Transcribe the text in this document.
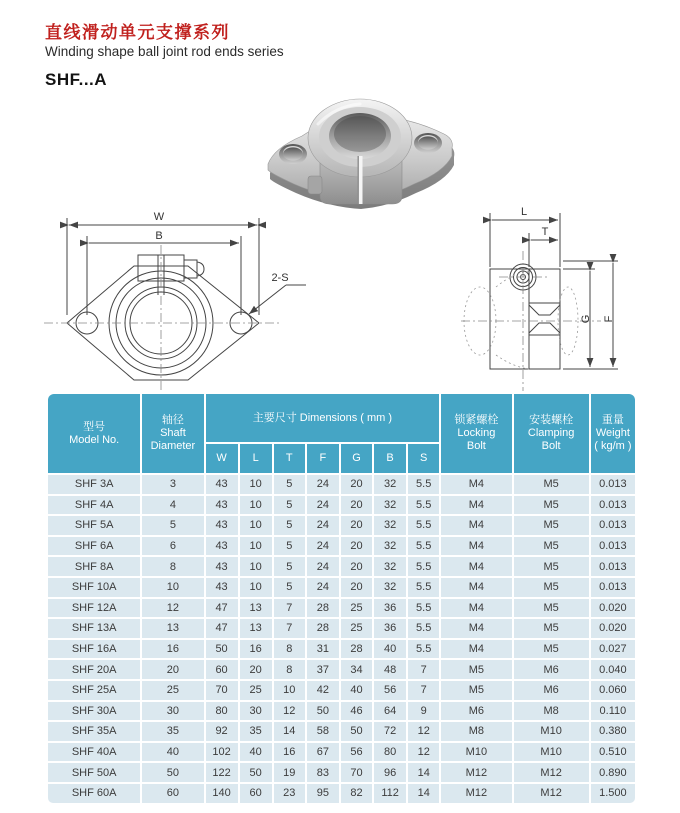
直线滑动单元支撑系列

Winding shape ball joint rod ends series

SHF...A

W
B
2-S
L
T
G F
型号
Model No.

轴径
Shaft
Diameter
	主要尺寸 Dimensions ( mm )	锁紧螺栓
Locking
Bolt

安装螺栓
Clamping
Bolt

重量
Weight
( kg/m )

		W	L	T	F	G	B	S			
SHF 3A	3	43	10	5	24	20	32	5.5	M4	M5	0.013
SHF 4A	4	43	10	5	24	20	32	5.5	M4	M5	0.013
SHF 5A	5	43	10	5	24	20	32	5.5	M4	M5	0.013
SHF 6A	6	43	10	5	24	20	32	5.5	M4	M5	0.013
SHF 8A	8	43	10	5	24	20	32	5.5	M4	M5	0.013
SHF 10A	10	43	10	5	24	20	32	5.5	M4	M5	0.013
SHF 12A	12	47	13	7	28	25	36	5.5	M4	M5	0.020
SHF 13A	13	47	13	7	28	25	36	5.5	M4	M5	0.020
SHF 16A	16	50	16	8	31	28	40	5.5	M4	M5	0.027
SHF 20A	20	60	20	8	37	34	48	7	M5	M6	0.040
SHF 25A	25	70	25	10	42	40	56	7	M5	M6	0.060
SHF 30A	30	80	30	12	50	46	64	9	M6	M8	0.110
SHF 35A	35	92	35	14	58	50	72	12	M8	M10	0.380
SHF 40A	40	102	40	16	67	56	80	12	M10	M10	0.510
SHF 50A	50	122	50	19	83	70	96	14	M12	M12	0.890
SHF 60A	60	140	60	23	95	82	112	14	M12	M12	1.500
